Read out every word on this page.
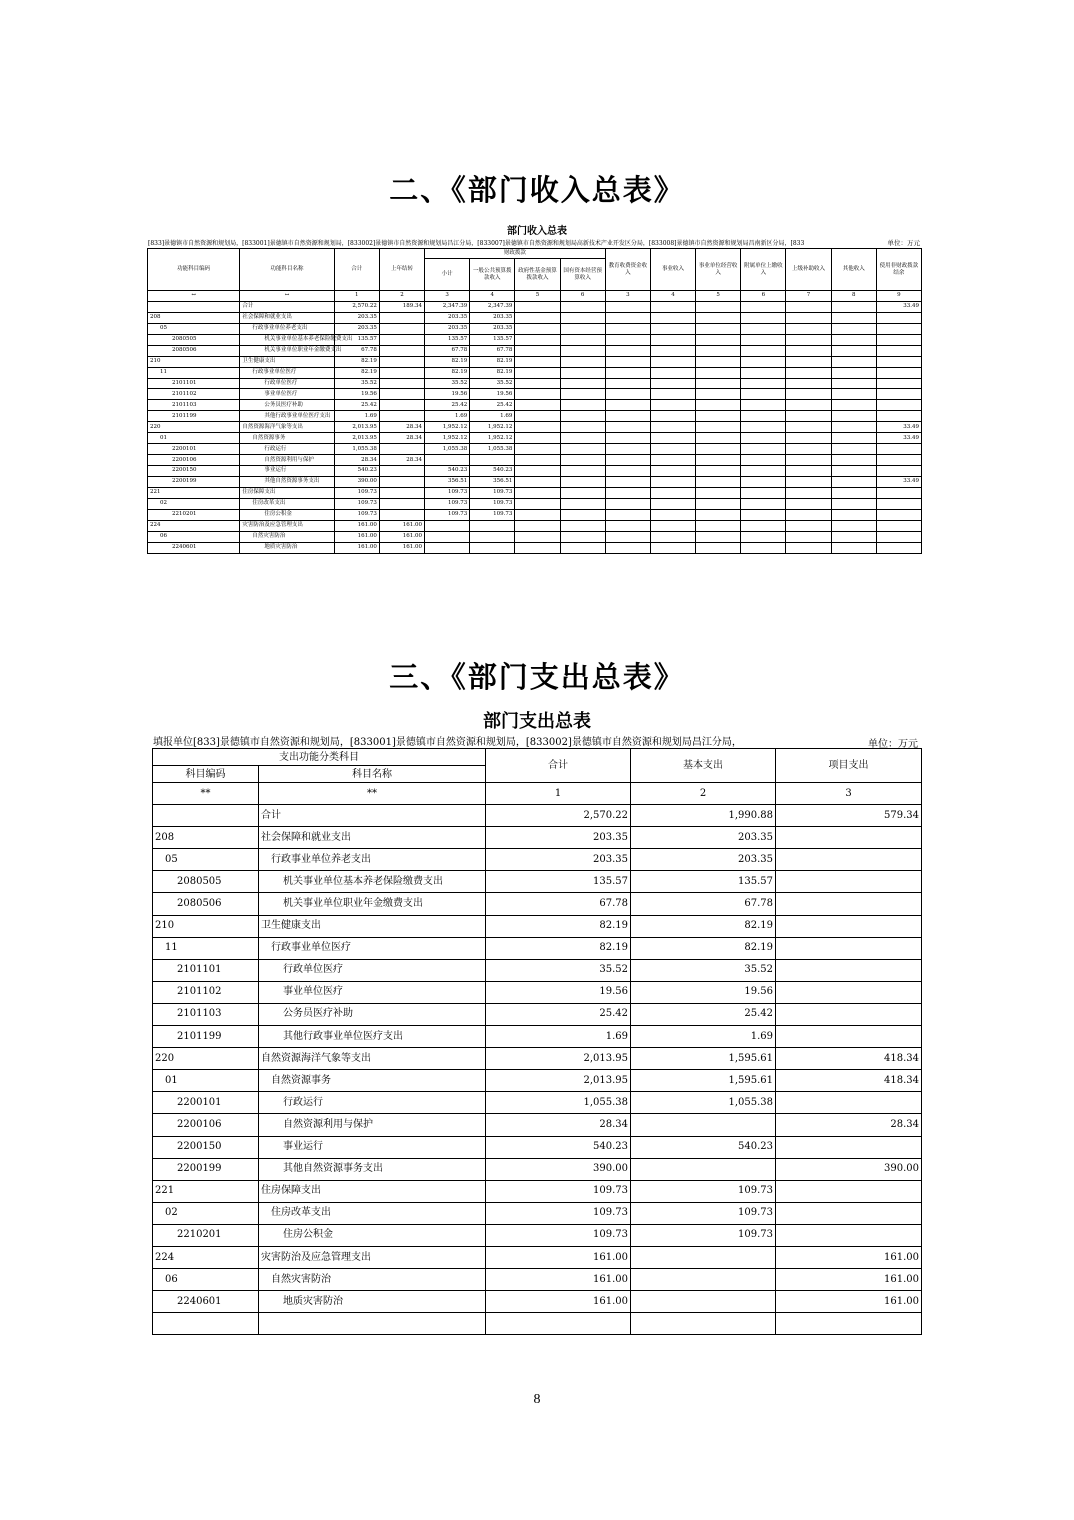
二、《部门收入总表》
部门收入总表
[833]景德镇市自然资源和规划局，[833001]景德镇市自然资源和规划局，[833002]景德镇市自然资源和规划局昌江分局，[833007]景德镇市自然资源和规划局高新技术产业开发区分局，[833008]景德镇市自然资源和规划局昌南新区分局，[833	单位：万元
功能科目编码	功能科目名称	合计	上年结转	财政拨款				教育收费资金收入	事业收入	事业单位经营收入	附属单位上缴收入	上级补助收入	其他收入	使用非财政拨款结余
				小计	一般公共预算拨款收入	政府性基金预算拨款收入	国有资本经营预算收入							
↔	↔	1	2	3	4	5	6	3	4	5	6	7	8	9
	合计	2,570.22	189.34	2,347.39	2,347.39									33.49
208	社会保障和就业支出	203.35		203.35	203.35									
05	行政事业单位养老支出	203.35		203.35	203.35									
2080505	机关事业单位基本养老保险缴费支出	135.57		135.57	135.57									
2080506	机关事业单位职业年金缴费支出	67.78		67.78	67.78									
210	卫生健康支出	82.19		82.19	82.19									
11	行政事业单位医疗	82.19		82.19	82.19									
2101101	行政单位医疗	35.52		35.52	35.52									
2101102	事业单位医疗	19.56		19.56	19.56									
2101103	公务员医疗补助	25.42		25.42	25.42									
2101199	其他行政事业单位医疗支出	1.69		1.69	1.69									
220	自然资源海洋气象等支出	2,013.95	28.34	1,952.12	1,952.12									33.49
01	自然资源事务	2,013.95	28.34	1,952.12	1,952.12									33.49
2200101	行政运行	1,055.38		1,055.38	1,055.38									
2200106	自然资源利用与保护	28.34	28.34											
2200150	事业运行	540.23		540.23	540.23									
2200199	其他自然资源事务支出	390.00		356.51	356.51									33.49
221	住房保障支出	109.73		109.73	109.73									
02	住房改革支出	109.73		109.73	109.73									
2210201	住房公积金	109.73		109.73	109.73									
224	灾害防治及应急管理支出	161.00	161.00											
06	自然灾害防治	161.00	161.00											
2240601	地质灾害防治	161.00	161.00											
三、《部门支出总表》
部门支出总表
填报单位[833]景德镇市自然资源和规划局，[833001]景德镇市自然资源和规划局，[833002]景德镇市自然资源和规划局昌江分局，	单位：万元
支出功能分类科目		合计	基本支出	项目支出
科目编码	科目名称			
**	**	1	2	3
	合计	2,570.22	1,990.88	579.34
208	社会保障和就业支出	203.35	203.35	
05	行政事业单位养老支出	203.35	203.35	
2080505	机关事业单位基本养老保险缴费支出	135.57	135.57	
2080506	机关事业单位职业年金缴费支出	67.78	67.78	
210	卫生健康支出	82.19	82.19	
11	行政事业单位医疗	82.19	82.19	
2101101	行政单位医疗	35.52	35.52	
2101102	事业单位医疗	19.56	19.56	
2101103	公务员医疗补助	25.42	25.42	
2101199	其他行政事业单位医疗支出	1.69	1.69	
220	自然资源海洋气象等支出	2,013.95	1,595.61	418.34
01	自然资源事务	2,013.95	1,595.61	418.34
2200101	行政运行	1,055.38	1,055.38	
2200106	自然资源利用与保护	28.34		28.34
2200150	事业运行	540.23	540.23	
2200199	其他自然资源事务支出	390.00		390.00
221	住房保障支出	109.73	109.73	
02	住房改革支出	109.73	109.73	
2210201	住房公积金	109.73	109.73	
224	灾害防治及应急管理支出	161.00		161.00
06	自然灾害防治	161.00		161.00
2240601	地质灾害防治	161.00		161.00

8
